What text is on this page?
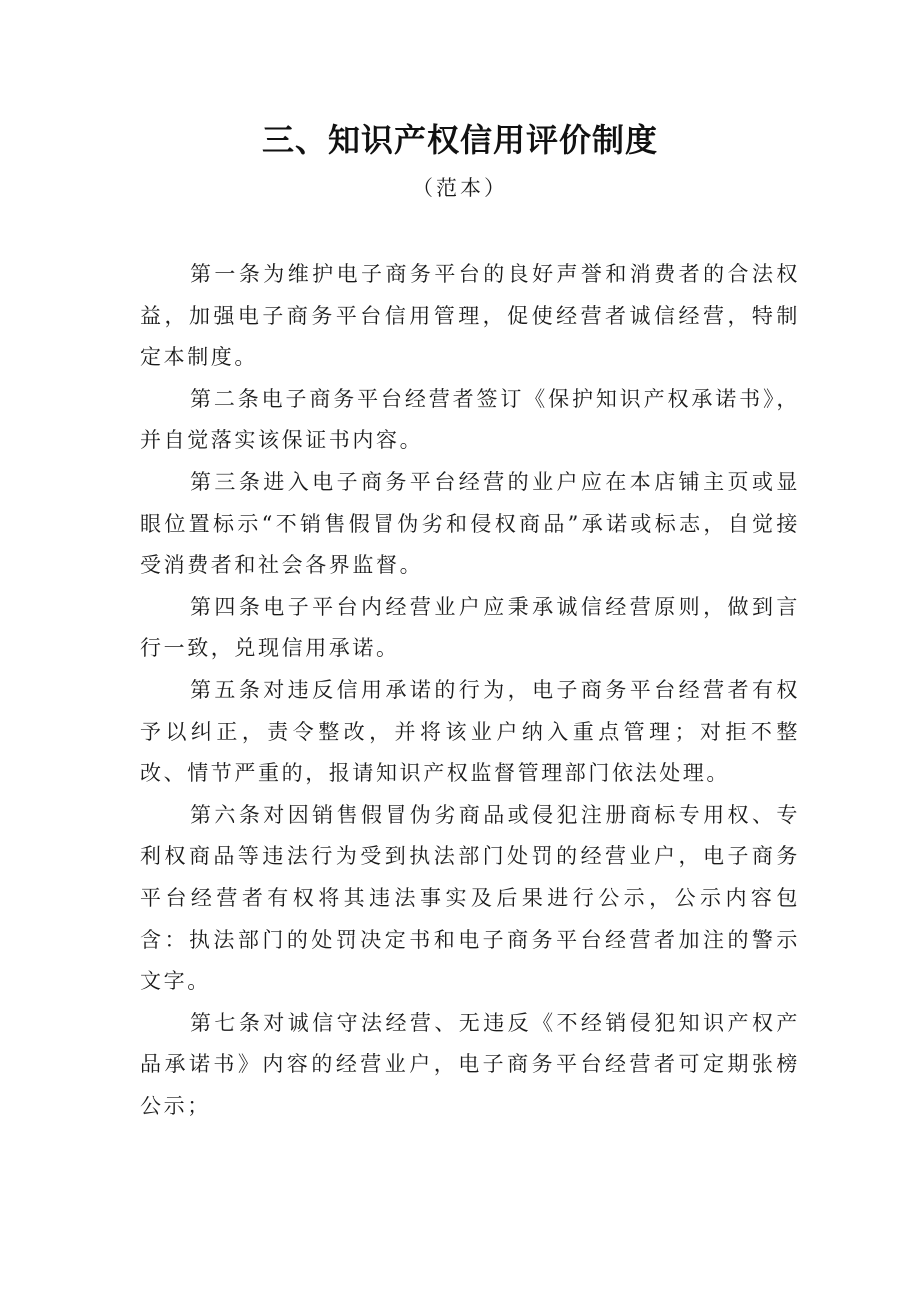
三、知识产权信用评价制度
（范本）

第一条为维护电子商务平台的良好声誉和消费者的合法权益，加强电子商务平台信用管理，促使经营者诚信经营，特制定本制度。

第二条电子商务平台经营者签订《保护知识产权承诺书》，并自觉落实该保证书内容。

第三条进入电子商务平台经营的业户应在本店铺主页或显眼位置标示“不销售假冒伪劣和侵权商品”承诺或标志，自觉接受消费者和社会各界监督。

第四条电子平台内经营业户应秉承诚信经营原则，做到言行一致，兑现信用承诺。

第五条对违反信用承诺的行为，电子商务平台经营者有权予以纠正，责令整改，并将该业户纳入重点管理；对拒不整改、情节严重的，报请知识产权监督管理部门依法处理。

第六条对因销售假冒伪劣商品或侵犯注册商标专用权、专利权商品等违法行为受到执法部门处罚的经营业户，电子商务平台经营者有权将其违法事实及后果进行公示，公示内容包含：执法部门的处罚决定书和电子商务平台经营者加注的警示文字。

第七条对诚信守法经营、无违反《不经销侵犯知识产权产品承诺书》内容的经营业户，电子商务平台经营者可定期张榜公示；
